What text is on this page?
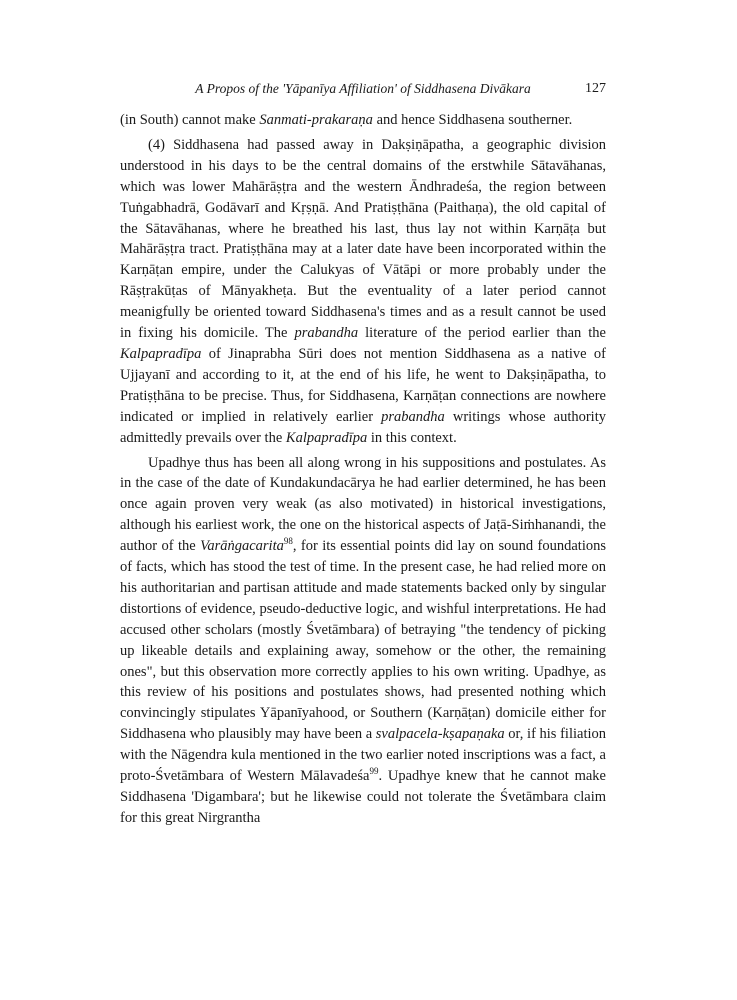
A Propos of the 'Yāpanīya Affiliation' of Siddhasena Divākara	127

(in South) cannot make Sanmati-prakaraṇa and hence Siddhasena southerner.

(4) Siddhasena had passed away in Dakṣiṇāpatha, a geographic division understood in his days to be the central domains of the erstwhile Sātavāhanas, which was lower Mahārāṣṭra and the western Āndhradeśa, the region between Tuṅgabhadrā, Godāvarī and Kṛṣṇā. And Pratiṣṭhāna (Paithaṇa), the old capital of the Sātavāhanas, where he breathed his last, thus lay not within Karṇāṭa but Mahārāṣṭra tract. Pratiṣṭhāna may at a later date have been incorporated within the Karṇāṭan empire, under the Calukyas of Vātāpi or more probably under the Rāṣṭrakūṭas of Mānyakheṭa. But the eventuality of a later period cannot meanigfully be oriented toward Siddhasena's times and as a result cannot be used in fixing his domicile. The prabandha literature of the period earlier than the Kalpapradīpa of Jinaprabha Sūri does not mention Siddhasena as a native of Ujjayanī and according to it, at the end of his life, he went to Dakṣiṇāpatha, to Pratiṣṭhāna to be precise. Thus, for Siddhasena, Karṇāṭan connections are nowhere indicated or implied in relatively earlier prabandha writings whose authority admittedly prevails over the Kalpapradīpa in this context.

Upadhye thus has been all along wrong in his suppositions and postulates. As in the case of the date of Kundakundacārya he had earlier determined, he has been once again proven very weak (as also motivated) in historical investigations, although his earliest work, the one on the historical aspects of Jaṭā-Siṁhanandi, the author of the Varāṅgacarita$^{98}$, for its essential points did lay on sound foundations of facts, which has stood the test of time. In the present case, he had relied more on his authoritarian and partisan attitude and made statements backed only by singular distortions of evidence, pseudo-deductive logic, and wishful interpretations. He had accused other scholars (mostly Śvetāmbara) of betraying "the tendency of picking up likeable details and explaining away, somehow or the other, the remaining ones", but this observation more correctly applies to his own writing. Upadhye, as this review of his positions and postulates shows, had presented nothing which convincingly stipulates Yāpanīyahood, or Southern (Karṇāṭan) domicile either for Siddhasena who plausibly may have been a svalpacela-kṣapaṇaka or, if his filiation with the Nāgendra kula mentioned in the two earlier noted inscriptions was a fact, a proto-Śvetāmbara of Western Mālavadeśa$^{99}$. Upadhye knew that he cannot make Siddhasena 'Digambara'; but he likewise could not tolerate the Śvetāmbara claim for this great Nirgrantha
